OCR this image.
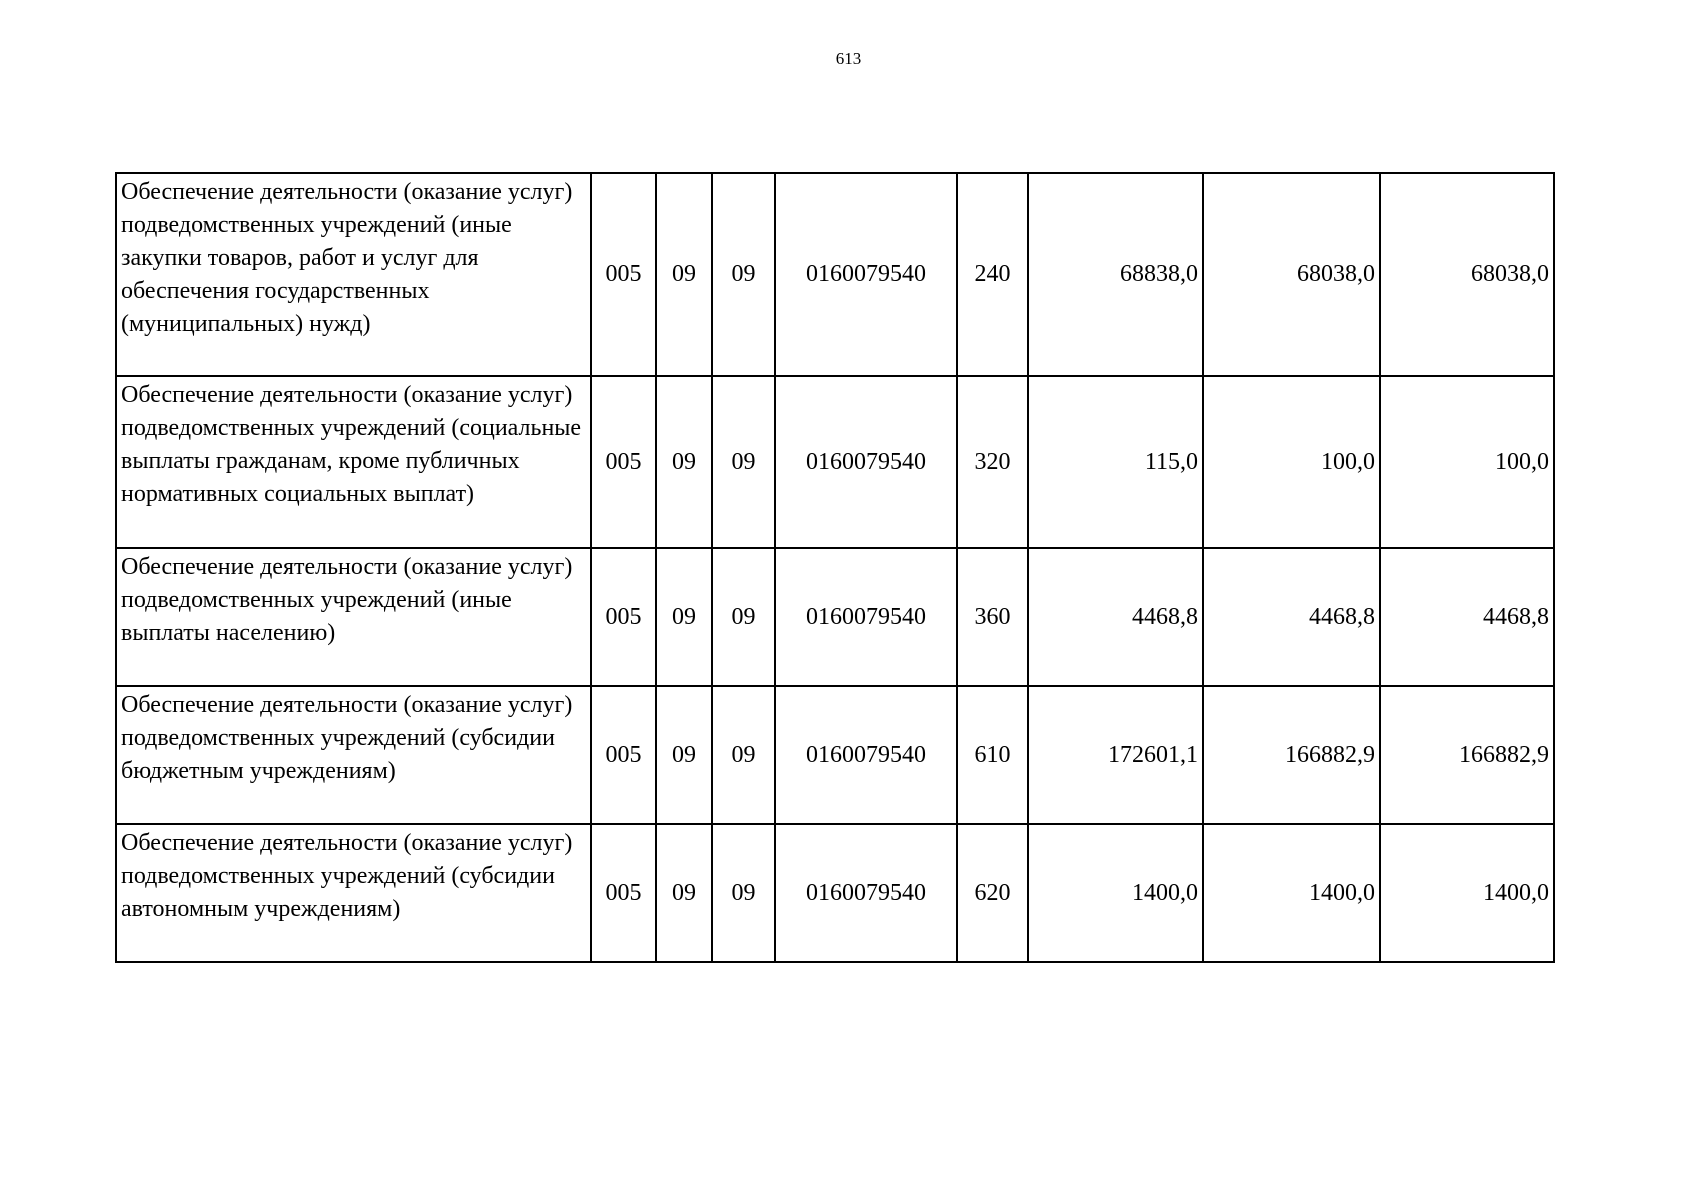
613
Обеспечение деятельности (оказание услуг) подведомственных учреждений (иные закупки товаров, работ и услуг для обеспечения государственных (муниципальных) нужд)	005	09	09	0160079540	240	68838,0	68038,0	68038,0
Обеспечение деятельности (оказание услуг) подведомственных учреждений (социальные выплаты гражданам, кроме публичных нормативных социальных выплат)	005	09	09	0160079540	320	115,0	100,0	100,0
Обеспечение деятельности (оказание услуг) подведомственных учреждений (иные выплаты населению)	005	09	09	0160079540	360	4468,8	4468,8	4468,8
Обеспечение деятельности (оказание услуг) подведомственных учреждений (субсидии бюджетным учреждениям)	005	09	09	0160079540	610	172601,1	166882,9	166882,9
Обеспечение деятельности (оказание услуг) подведомственных учреждений (субсидии автономным учреждениям)	005	09	09	0160079540	620	1400,0	1400,0	1400,0
